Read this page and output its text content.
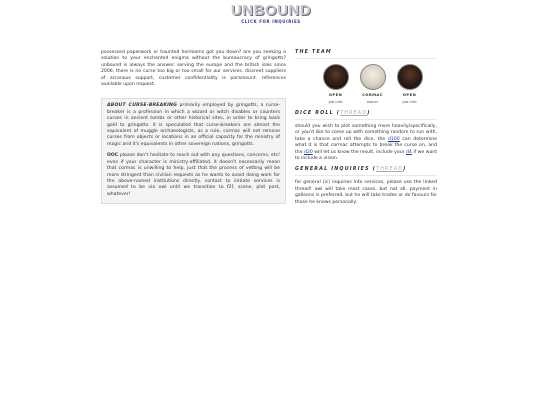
UNBOUND
CLICK FOR INQUIRIES

possessed paperwork or haunted heirlooms got you down? are you seeking a solution to your enchanted enigma without the bureaucracy of gringotts? unbound is always the answer. serving the europe and the british isles since 2006, there is no curse too big or too small for our services. discreet suppliers of arcanous support, customer confidentiality is paramount. references available upon request.

ABOUT CURSE-BREAKING primarily employed by gringotts, a curse-breaker is a profession in which a wizard or witch disables or counters curses in ancient tombs or other historical sites, in order to bring back gold to gringotts. it is speculated that curse-breakers are almost the equivalent of muggle archaeologists, as a rule, cormac will not remove curses from objects or locations in an official capacity for the ministry of magic and it's equivalents in other sovereign nations, gringotts.

OOC please don't hesitate to reach out with any questions, concerns, etc! even if your character is ministry-affiliated, it doesn't necessarily mean that cormac is unwilling to help, just that the process of vetting will be more stringent than civilian requests as he wants to avoid doing work for the above-named institutions directly. contact to initiate services is assumed to be via owl until we transition to f2f, scene, plot post, whatever!

THE TEAM
OPEN
job info
CORMAC
owner
OPEN
job info
DICE ROLL (THREAD)

should you wish to plot something more heavily/specifically, or you'd like to come up with something random to run with, take a chance and roll the dice. the d100 can determine what it is that cormac attempts to break the curse on, and the d20 will let us know the result, include your d4 if we want to include a vision.

GENERAL INQUIRIES (THREAD)

for general (ic) inquiries into services, please use the linked thread! owl will take most cases, but not all. payment in galleons is preferred, but he will take trades or do favours for those he knows personally.
